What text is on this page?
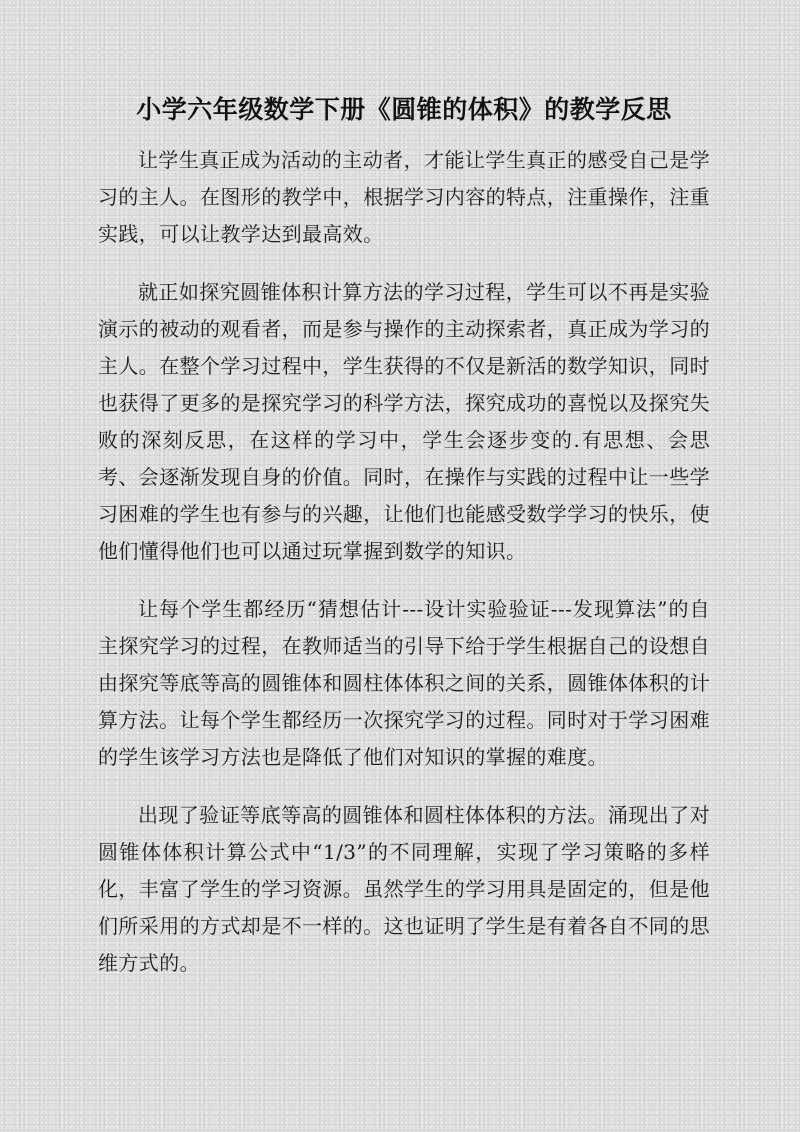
小学六年级数学下册《圆锥的体积》的教学反思

让学生真正成为活动的主动者，才能让学生真正的感受自己是学习的主人。在图形的教学中，根据学习内容的特点，注重操作，注重实践，可以让教学达到最高效。

就正如探究圆锥体积计算方法的学习过程，学生可以不再是实验演示的被动的观看者，而是参与操作的主动探索者，真正成为学习的主人。在整个学习过程中，学生获得的不仅是新活的数学知识，同时也获得了更多的是探究学习的科学方法，探究成功的喜悦以及探究失败的深刻反思，在这样的学习中，学生会逐步变的.有思想、会思考、会逐渐发现自身的价值。同时，在操作与实践的过程中让一些学习困难的学生也有参与的兴趣，让他们也能感受数学学习的快乐，使他们懂得他们也可以通过玩掌握到数学的知识。

让每个学生都经历“猜想估计---设计实验验证---发现算法”的自主探究学习的过程，在教师适当的引导下给于学生根据自己的设想自由探究等底等高的圆锥体和圆柱体体积之间的关系，圆锥体体积的计算方法。让每个学生都经历一次探究学习的过程。同时对于学习困难的学生该学习方法也是降低了他们对知识的掌握的难度。

出现了验证等底等高的圆锥体和圆柱体体积的方法。涌现出了对圆锥体体积计算公式中“1/3”的不同理解，实现了学习策略的多样化，丰富了学生的学习资源。虽然学生的学习用具是固定的，但是他们所采用的方式却是不一样的。这也证明了学生是有着各自不同的思维方式的。
